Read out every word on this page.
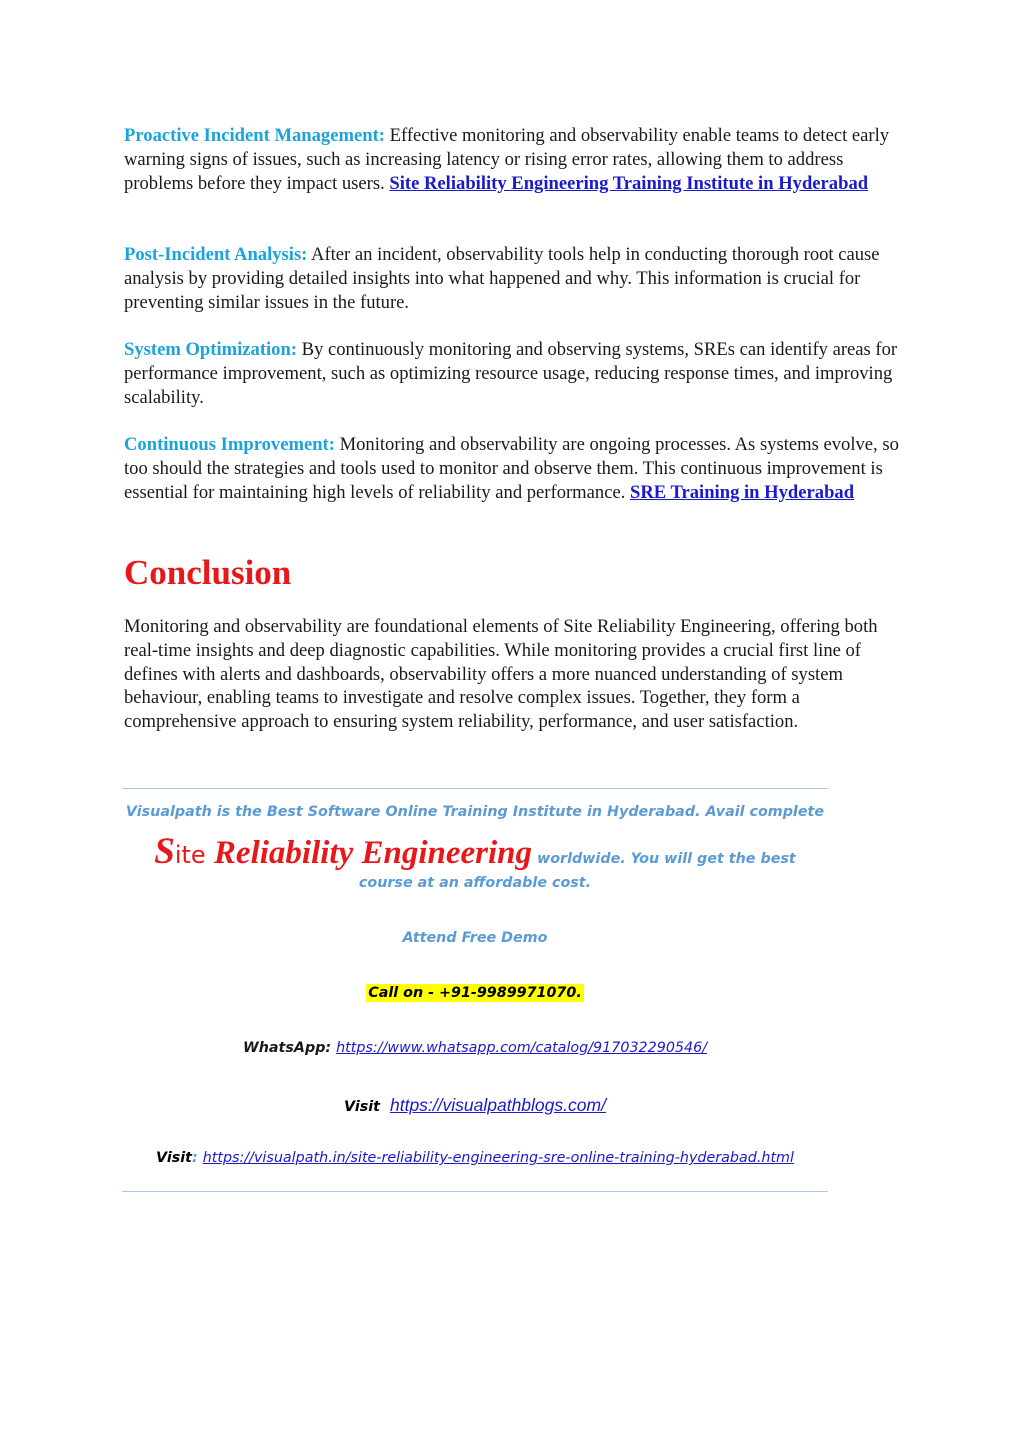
Proactive Incident Management: Effective monitoring and observability enable teams to detect early warning signs of issues, such as increasing latency or rising error rates, allowing them to address problems before they impact users. Site Reliability Engineering Training Institute in Hyderabad

Post-Incident Analysis: After an incident, observability tools help in conducting thorough root cause analysis by providing detailed insights into what happened and why. This information is crucial for preventing similar issues in the future.

System Optimization: By continuously monitoring and observing systems, SREs can identify areas for performance improvement, such as optimizing resource usage, reducing response times, and improving scalability.

Continuous Improvement: Monitoring and observability are ongoing processes. As systems evolve, so too should the strategies and tools used to monitor and observe them. This continuous improvement is essential for maintaining high levels of reliability and performance. SRE Training in Hyderabad

Conclusion

Monitoring and observability are foundational elements of Site Reliability Engineering, offering both real-time insights and deep diagnostic capabilities. While monitoring provides a crucial first line of defines with alerts and dashboards, observability offers a more nuanced understanding of system behaviour, enabling teams to investigate and resolve complex issues. Together, they form a comprehensive approach to ensuring system reliability, performance, and user satisfaction.

Visualpath is the Best Software Online Training Institute in Hyderabad. Avail complete
Site Reliability Engineering worldwide. You will get the best
course at an affordable cost.
Attend Free Demo
Call on - +91-9989971070.
WhatsApp: https://www.whatsapp.com/catalog/917032290546/
Visit https://visualpathblogs.com/
Visit: https://visualpath.in/site-reliability-engineering-sre-online-training-hyderabad.html
